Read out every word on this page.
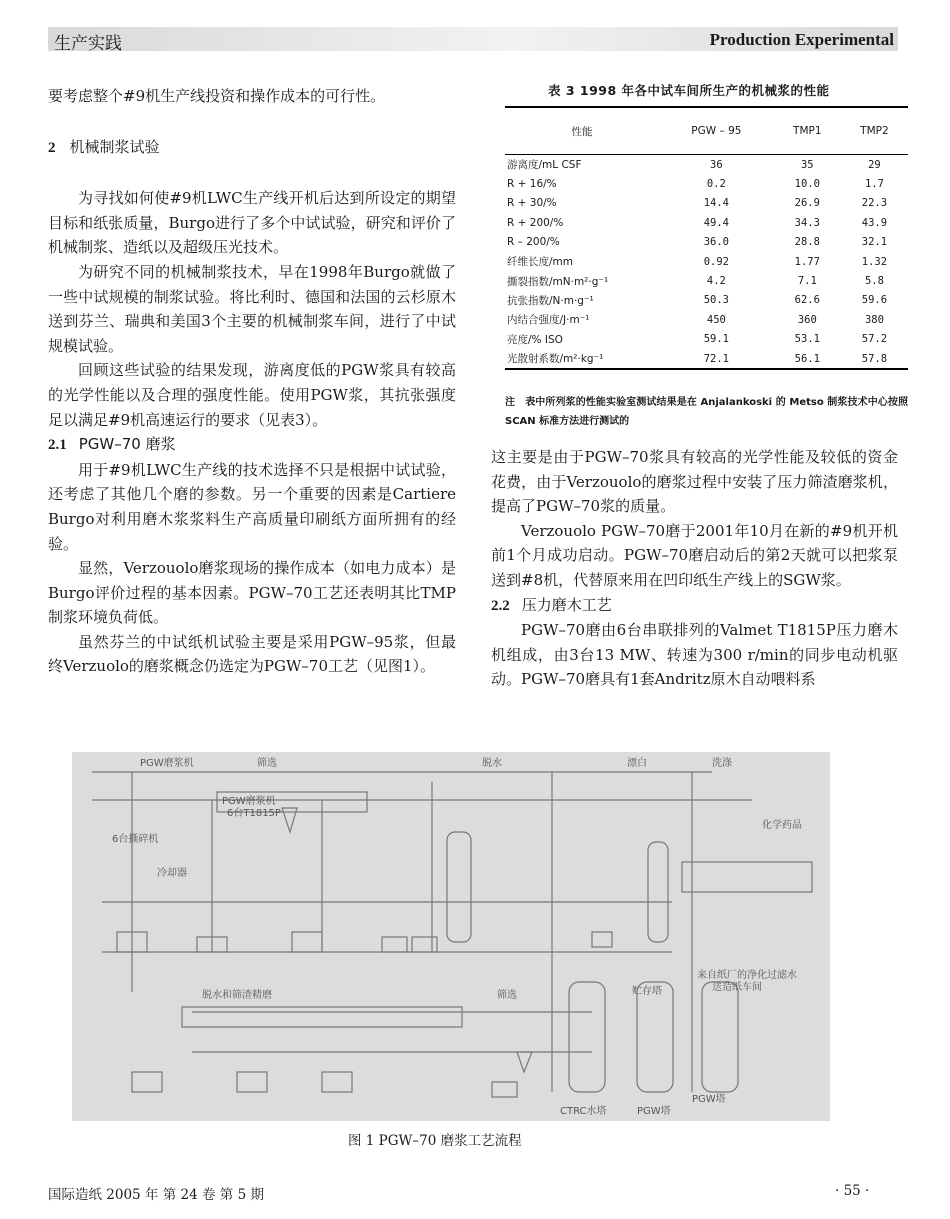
生产实践	Production Experimental

要考虑整个#9机生产线投资和操作成本的可行性。

2 机械制浆试验

为寻找如何使#9机LWC生产线开机后达到所设定的期望目标和纸张质量，Burgo进行了多个中试试验，研究和评价了机械制浆、造纸以及超级压光技术。

为研究不同的机械制浆技术，早在1998年Burgo就做了一些中试规模的制浆试验。将比利时、德国和法国的云杉原木送到芬兰、瑞典和美国3个主要的机械制浆车间，进行了中试规模试验。

回顾这些试验的结果发现，游离度低的PGW浆具有较高的光学性能以及合理的强度性能。使用PGW浆，其抗张强度足以满足#9机高速运行的要求（见表3）。

2.1 PGW–70 磨浆

用于#9机LWC生产线的技术选择不只是根据中试试验，还考虑了其他几个磨的参数。另一个重要的因素是Cartiere Burgo对利用磨木浆浆料生产高质量印刷纸方面所拥有的经验。

显然，Verzouolo磨浆现场的操作成本（如电力成本）是Burgo评价过程的基本因素。PGW–70工艺还表明其比TMP制浆环境负荷低。

虽然芬兰的中试纸机试验主要是采用PGW–95浆，但最终Verzuolo的磨浆概念仍选定为PGW–70工艺（见图1）。

表 3 1998 年各中试车间所生产的机械浆的性能
性能	PGW – 95	TMP1	TMP2
游离度/mL CSF	36	35	29
R + 16/%	0.2	10.0	1.7
R + 30/%	14.4	26.9	22.3
R + 200/%	49.4	34.3	43.9
R – 200/%	36.0	28.8	32.1
纤维长度/mm	0.92	1.77	1.32
撕裂指数/mN·m²·g⁻¹	4.2	7.1	5.8
抗张指数/N·m·g⁻¹	50.3	62.6	59.6
内结合强度/J·m⁻¹	450	360	380
亮度/% ISO	59.1	53.1	57.2
光散射系数/m²·kg⁻¹	72.1	56.1	57.8
注　表中所列浆的性能实验室测试结果是在 Anjalankoski 的 Metso 制浆技术中心按照 SCAN 标准方法进行测试的

这主要是由于PGW–70浆具有较高的光学性能及较低的资金花费，由于Verzouolo的磨浆过程中安装了压力筛渣磨浆机，提高了PGW–70浆的质量。

Verzouolo PGW–70磨于2001年10月在新的#9机开机前1个月成功启动。PGW–70磨启动后的第2天就可以把浆泵送到#8机，代替原来用在凹印纸生产线上的SGW浆。

2.2 压力磨木工艺

PGW–70磨由6台串联排列的Valmet T1815P压力磨木机组成，由3台13 MW、转速为300 r/min的同步电动机驱动。PGW–70磨具有1套Andritz原木自动喂料系

PGW磨浆机	筛选	脱水	漂白	洗涤
PGW磨浆机
6台T1815P
6台撕碎机
冷却器
化学药品
脱水和筛渣精磨	筛选	贮存塔
来自纸厂的净化过滤水
送造纸车间
CTRC水塔	PGW塔
PGW塔
图 1 PGW–70 磨浆工艺流程
国际造纸 2005 年 第 24 卷 第 5 期	· 55 ·
